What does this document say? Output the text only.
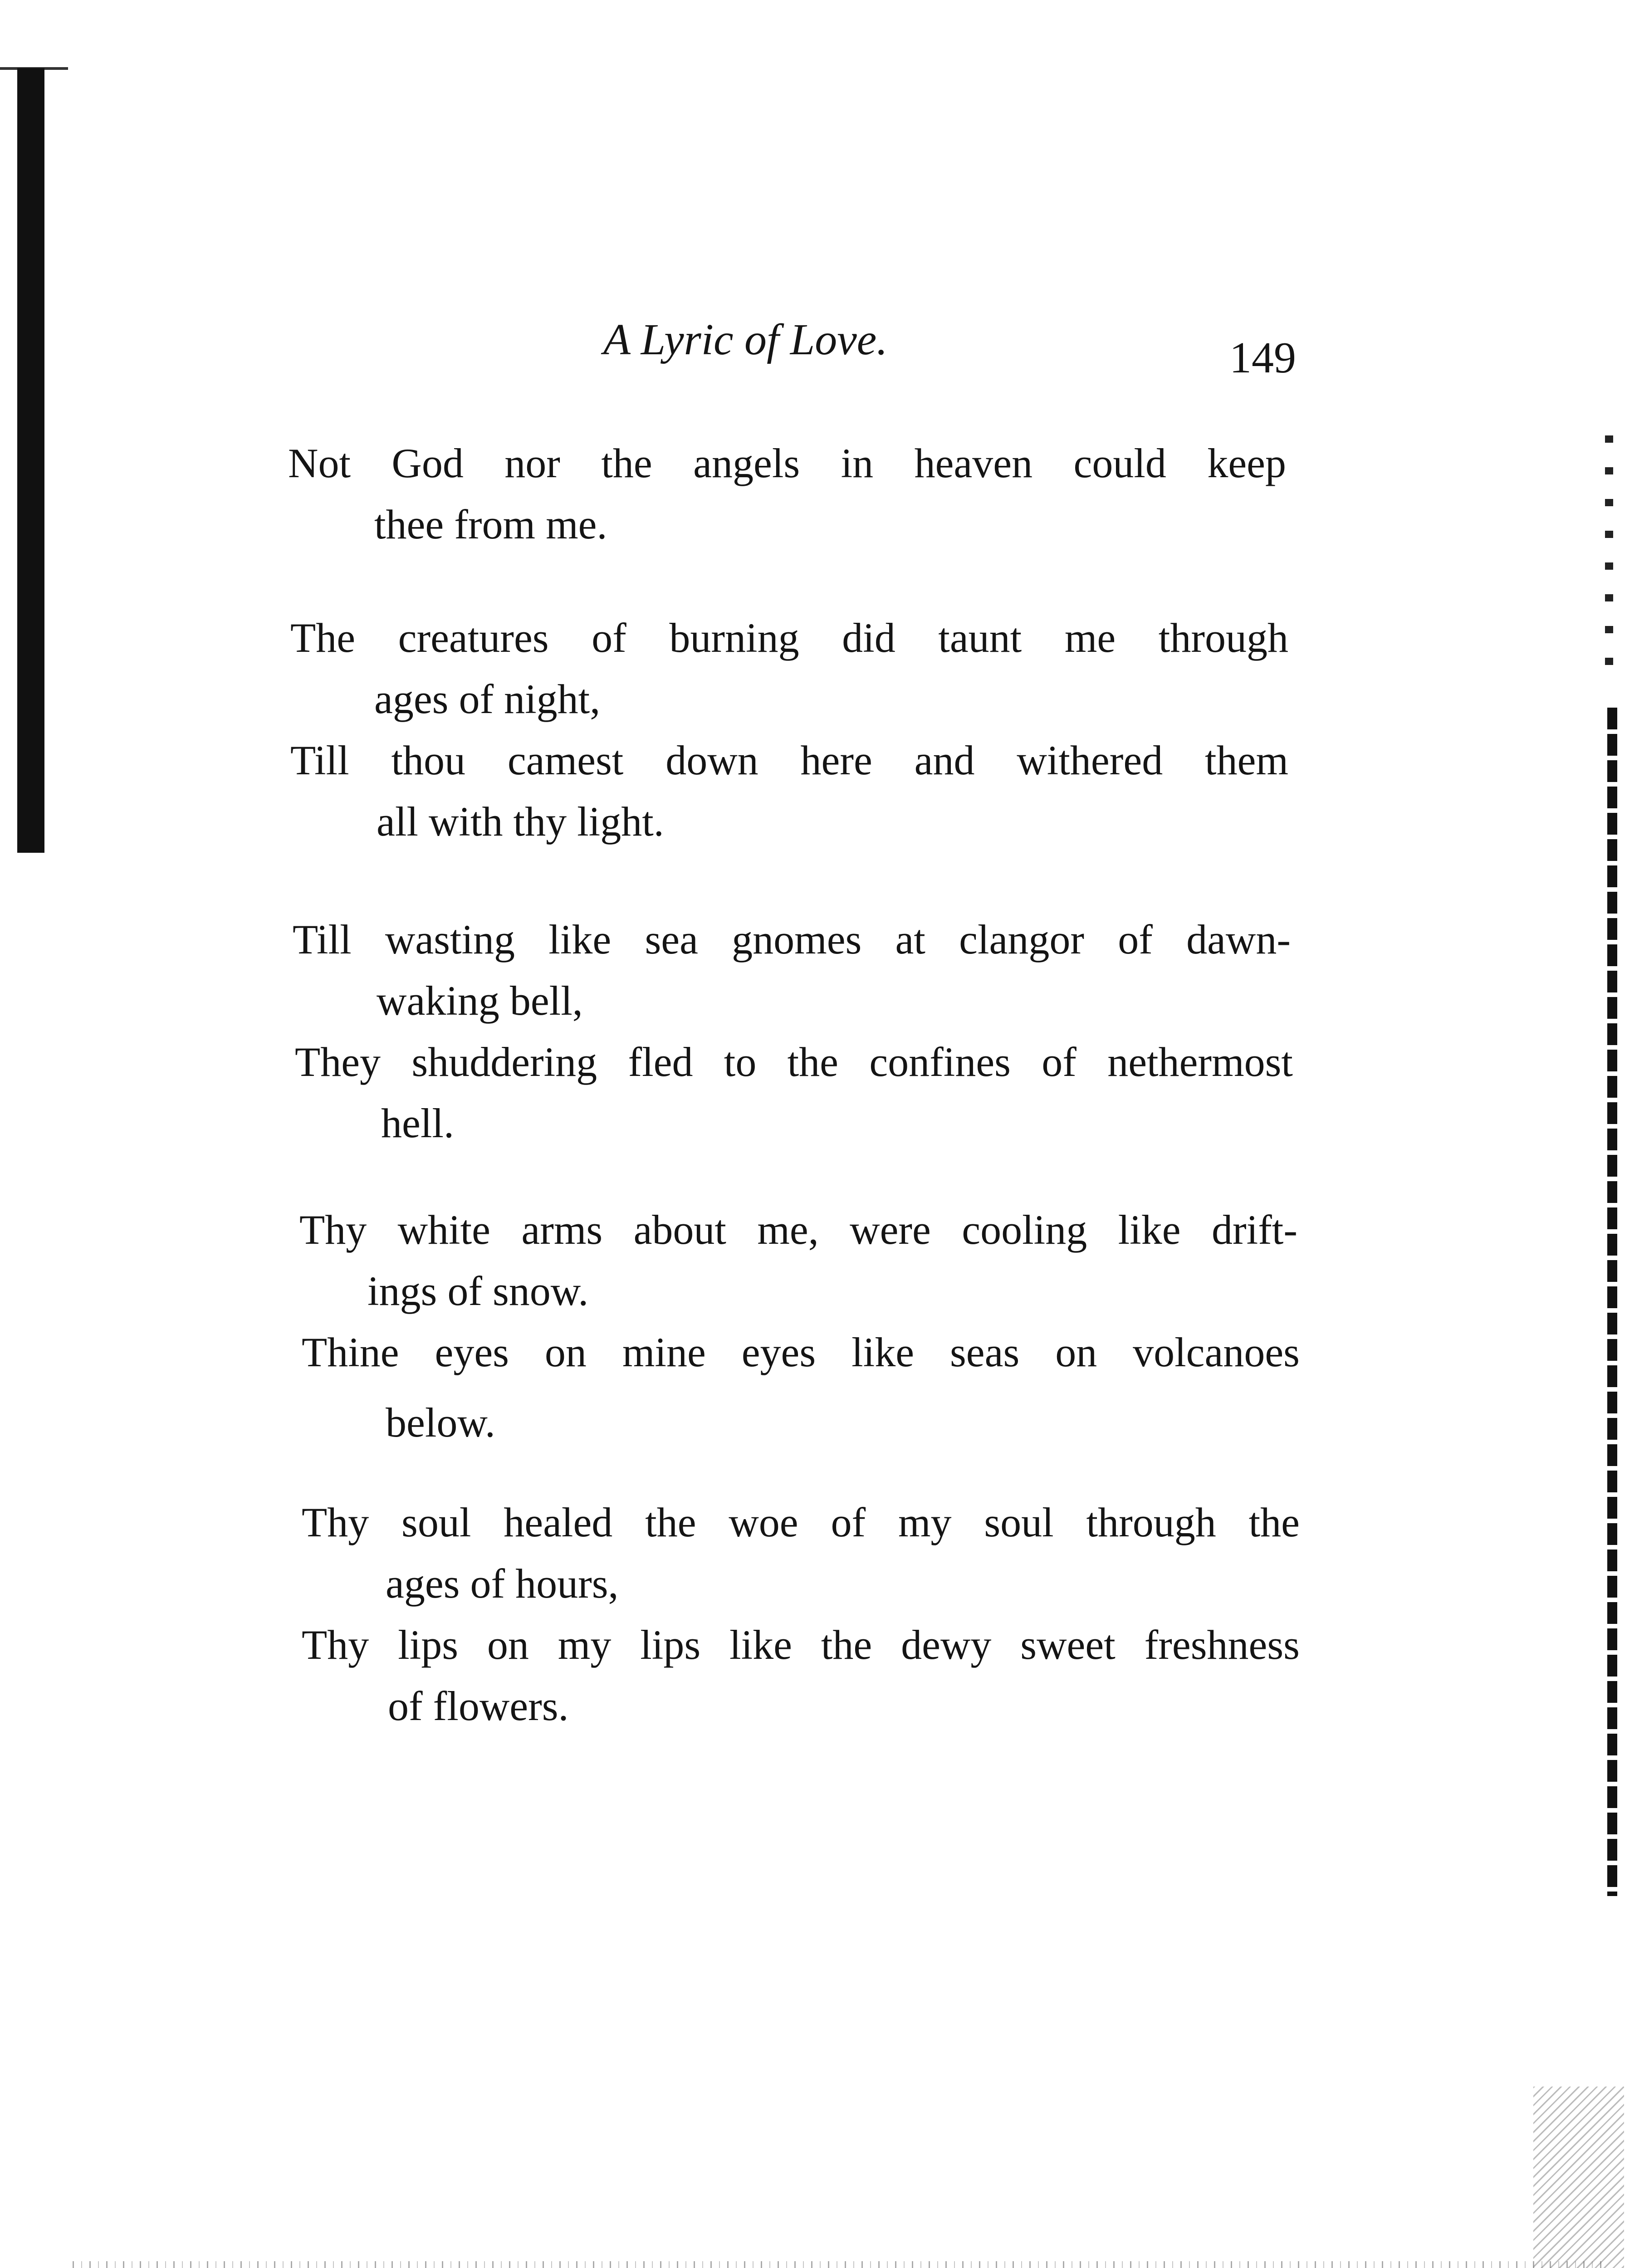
A Lyric of Love.	149
Not God nor the angels in heaven could keep
thee from me.
The creatures of burning did taunt me through
ages of night,
Till thou camest down here and withered them
all with thy light.
Till wasting like sea gnomes at clangor of dawn-
waking bell,
They shuddering fled to the confines of nethermost
hell.
Thy white arms about me, were cooling like drift-
ings of snow.
Thine eyes on mine eyes like seas on volcanoes
below.
Thy soul healed the woe of my soul through the
ages of hours,
Thy lips on my lips like the dewy sweet freshness
of flowers.
